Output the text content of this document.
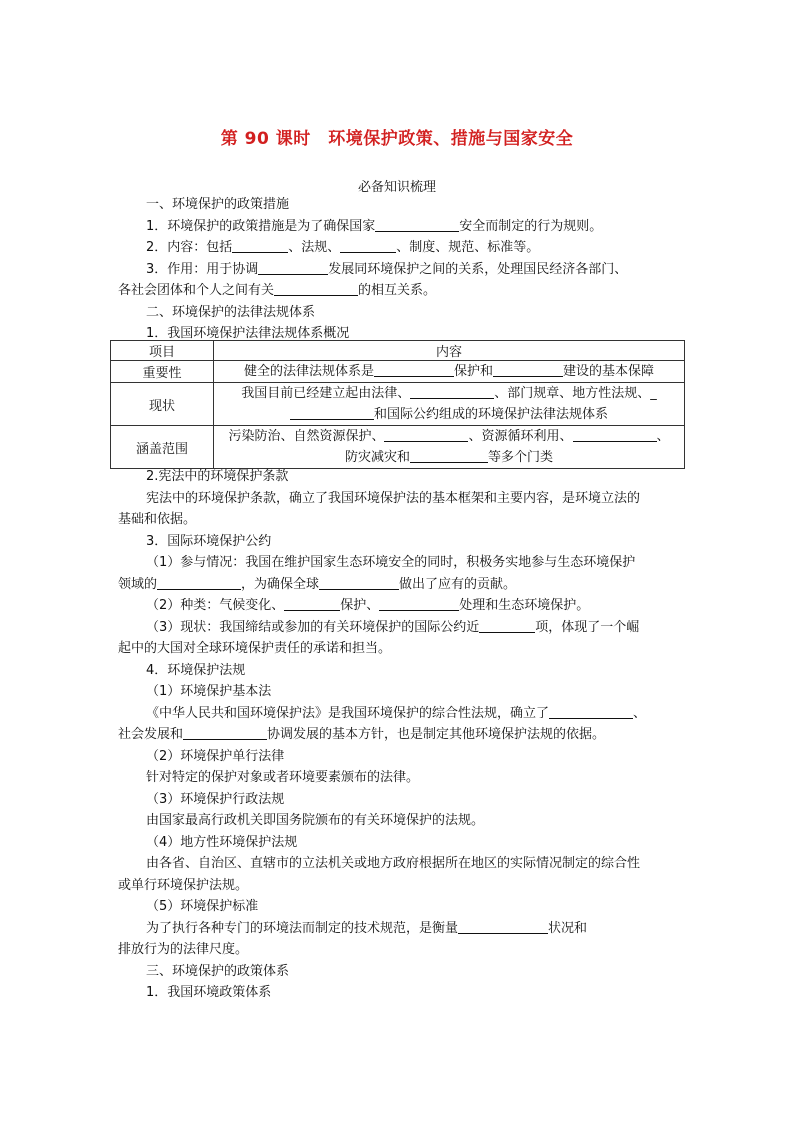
第 90 课时　环境保护政策、措施与国家安全
必备知识梳理
一、环境保护的政策措施
1．环境保护的政策措施是为了确保国家	安全而制定的行为规则。
2．内容：包括	、法规、	、制度、规范、标准等。
3．作用：用于协调	发展同环境保护之间的关系，处理国民经济各部门、
各社会团体和个人之间有关	的相互关系。
二、环境保护的法律法规体系
1．我国环境保护法律法规体系概况
项目	内容
重要性	健全的法律法规体系是 保护和 建设的基本保障

现状	我国目前已经建立起由法律、 、部门规章、地方性法规、_
和国际公约组成的环境保护法律法规体系

涵盖范围	污染防治、自然资源保护、 、资源循环利用、 、
防灾减灾和 等多个门类
2.宪法中的环境保护条款
宪法中的环境保护条款，确立了我国环境保护法的基本框架和主要内容，是环境立法的
基础和依据。
3．国际环境保护公约
（1）参与情况：我国在维护国家生态环境安全的同时，积极务实地参与生态环境保护
领域的	，为确保全球	做出了应有的贡献。
（2）种类：气候变化、	保护、	处理和生态环境保护。
（3）现状：我国缔结或参加的有关环境保护的国际公约近	项，体现了一个崛
起中的大国对全球环境保护责任的承诺和担当。
4．环境保护法规
（1）环境保护基本法
《中华人民共和国环境保护法》是我国环境保护的综合性法规，确立了	、
社会发展和	协调发展的基本方针，也是制定其他环境保护法规的依据。
（2）环境保护单行法律
针对特定的保护对象或者环境要素颁布的法律。
（3）环境保护行政法规
由国家最高行政机关即国务院颁布的有关环境保护的法规。
（4）地方性环境保护法规
由各省、自治区、直辖市的立法机关或地方政府根据所在地区的实际情况制定的综合性
或单行环境保护法规。
（5）环境保护标准
为了执行各种专门的环境法而制定的技术规范，是衡量	状况和
排放行为的法律尺度。
三、环境保护的政策体系
1．我国环境政策体系
